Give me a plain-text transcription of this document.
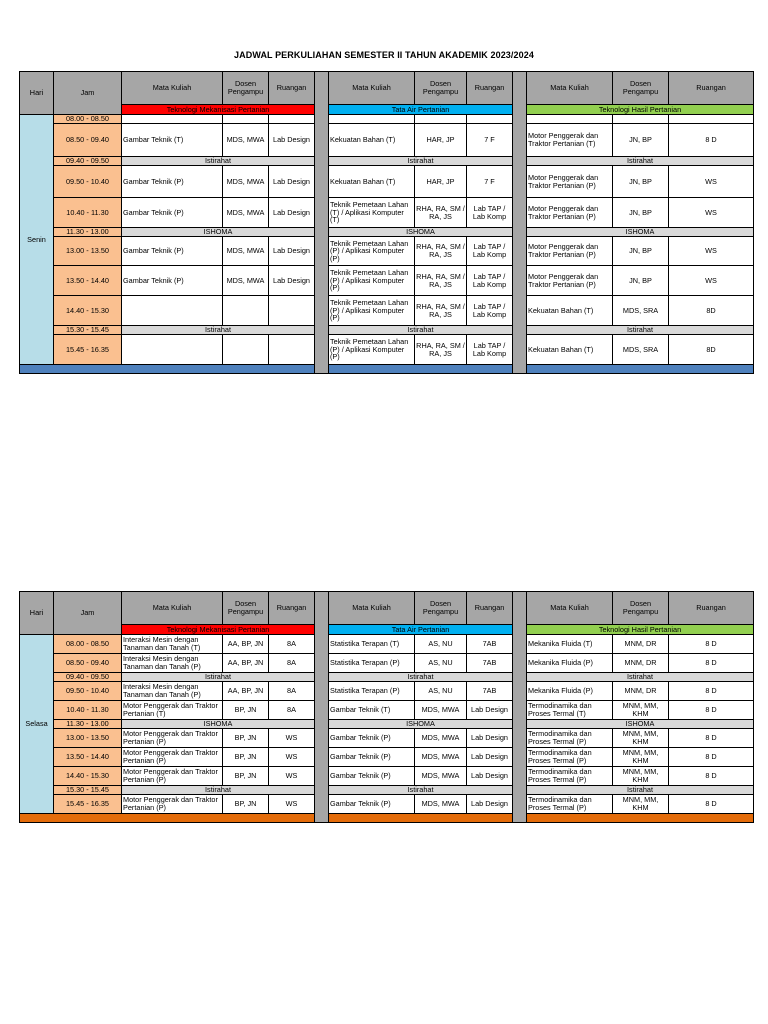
JADWAL PERKULIAHAN SEMESTER II TAHUN AKADEMIK 2023/2024
Hari	Jam	Mata Kuliah	Dosen Pengampu	Ruangan		Mata Kuliah	Dosen Pengampu	Ruangan		Mata Kuliah	Dosen Pengampu	Ruangan
		Teknologi Mekanisasi Pertanian				Tata Air Pertanian				Teknologi Hasil Pertanian		
Senin	08.00 - 08.50											
	08.50 - 09.40	Gambar Teknik (T)	MDS, MWA	Lab Design		Kekuatan Bahan (T)	HAR, JP	7 F		Motor Penggerak dan Traktor Pertanian (T)	JN, BP	8 D
	09.40 - 09.50	Istirahat				Istirahat				Istirahat		
	09.50 - 10.40	Gambar Teknik (P)	MDS, MWA	Lab Design		Kekuatan Bahan (T)	HAR, JP	7 F		Motor Penggerak dan Traktor Pertanian (P)	JN, BP	WS
	10.40 - 11.30	Gambar Teknik (P)	MDS, MWA	Lab Design		Teknik Pemetaan Lahan (T) / Aplikasi Komputer (T)	RHA, RA, SM / RA, JS	Lab TAP / Lab Komp		Motor Penggerak dan Traktor Pertanian (P)	JN, BP	WS
	11.30 - 13.00	ISHOMA				ISHOMA				ISHOMA		
	13.00 - 13.50	Gambar Teknik (P)	MDS, MWA	Lab Design		Teknik Pemetaan Lahan (P) / Aplikasi Komputer (P)	RHA, RA, SM / RA, JS	Lab TAP / Lab Komp		Motor Penggerak dan Traktor Pertanian (P)	JN, BP	WS
	13.50 - 14.40	Gambar Teknik (P)	MDS, MWA	Lab Design		Teknik Pemetaan Lahan (P) / Aplikasi Komputer (P)	RHA, RA, SM / RA, JS	Lab TAP / Lab Komp		Motor Penggerak dan Traktor Pertanian (P)	JN, BP	WS
	14.40 - 15.30					Teknik Pemetaan Lahan (P) / Aplikasi Komputer (P)	RHA, RA, SM / RA, JS	Lab TAP / Lab Komp		Kekuatan Bahan (T)	MDS, SRA	8D
	15.30 - 15.45	Istirahat				Istirahat				Istirahat		
	15.45 - 16.35					Teknik Pemetaan Lahan (P) / Aplikasi Komputer (P)	RHA, RA, SM / RA, JS	Lab TAP / Lab Komp		Kekuatan Bahan (T)	MDS, SRA	8D

Hari	Jam	Mata Kuliah	Dosen Pengampu	Ruangan		Mata Kuliah	Dosen Pengampu	Ruangan		Mata Kuliah	Dosen Pengampu	Ruangan
		Teknologi Mekanisasi Pertanian				Tata Air Pertanian				Teknologi Hasil Pertanian		
Selasa	08.00 - 08.50	Interaksi Mesin dengan Tanaman dan Tanah (T)	AA, BP, JN	8A		Statistika Terapan (T)	AS, NU	7AB		Mekanika Fluida (T)	MNM, DR	8 D
	08.50 - 09.40	Interaksi Mesin dengan Tanaman dan Tanah (P)	AA, BP, JN	8A		Statistika Terapan (P)	AS, NU	7AB		Mekanika Fluida (P)	MNM, DR	8 D
	09.40 - 09.50	Istirahat				Istirahat				Istirahat		
	09.50 - 10.40	Interaksi Mesin dengan Tanaman dan Tanah (P)	AA, BP, JN	8A		Statistika Terapan (P)	AS, NU	7AB		Mekanika Fluida (P)	MNM, DR	8 D
	10.40 - 11.30	Motor Penggerak dan Traktor Pertanian (T)	BP, JN	8A		Gambar Teknik (T)	MDS, MWA	Lab Design		Termodinamika dan Proses Termal (T)	MNM, MM, KHM	8 D
	11.30 - 13.00	ISHOMA				ISHOMA				ISHOMA		
	13.00 - 13.50	Motor Penggerak dan Traktor Pertanian (P)	BP, JN	WS		Gambar Teknik (P)	MDS, MWA	Lab Design		Termodinamika dan Proses Termal (P)	MNM, MM, KHM	8 D
	13.50 - 14.40	Motor Penggerak dan Traktor Pertanian (P)	BP, JN	WS		Gambar Teknik (P)	MDS, MWA	Lab Design		Termodinamika dan Proses Termal (P)	MNM, MM, KHM	8 D
	14.40 - 15.30	Motor Penggerak dan Traktor Pertanian (P)	BP, JN	WS		Gambar Teknik (P)	MDS, MWA	Lab Design		Termodinamika dan Proses Termal (P)	MNM, MM, KHM	8 D
	15.30 - 15.45	Istirahat				Istirahat				Istirahat		
	15.45 - 16.35	Motor Penggerak dan Traktor Pertanian (P)	BP, JN	WS		Gambar Teknik (P)	MDS, MWA	Lab Design		Termodinamika dan Proses Termal (P)	MNM, MM, KHM	8 D
